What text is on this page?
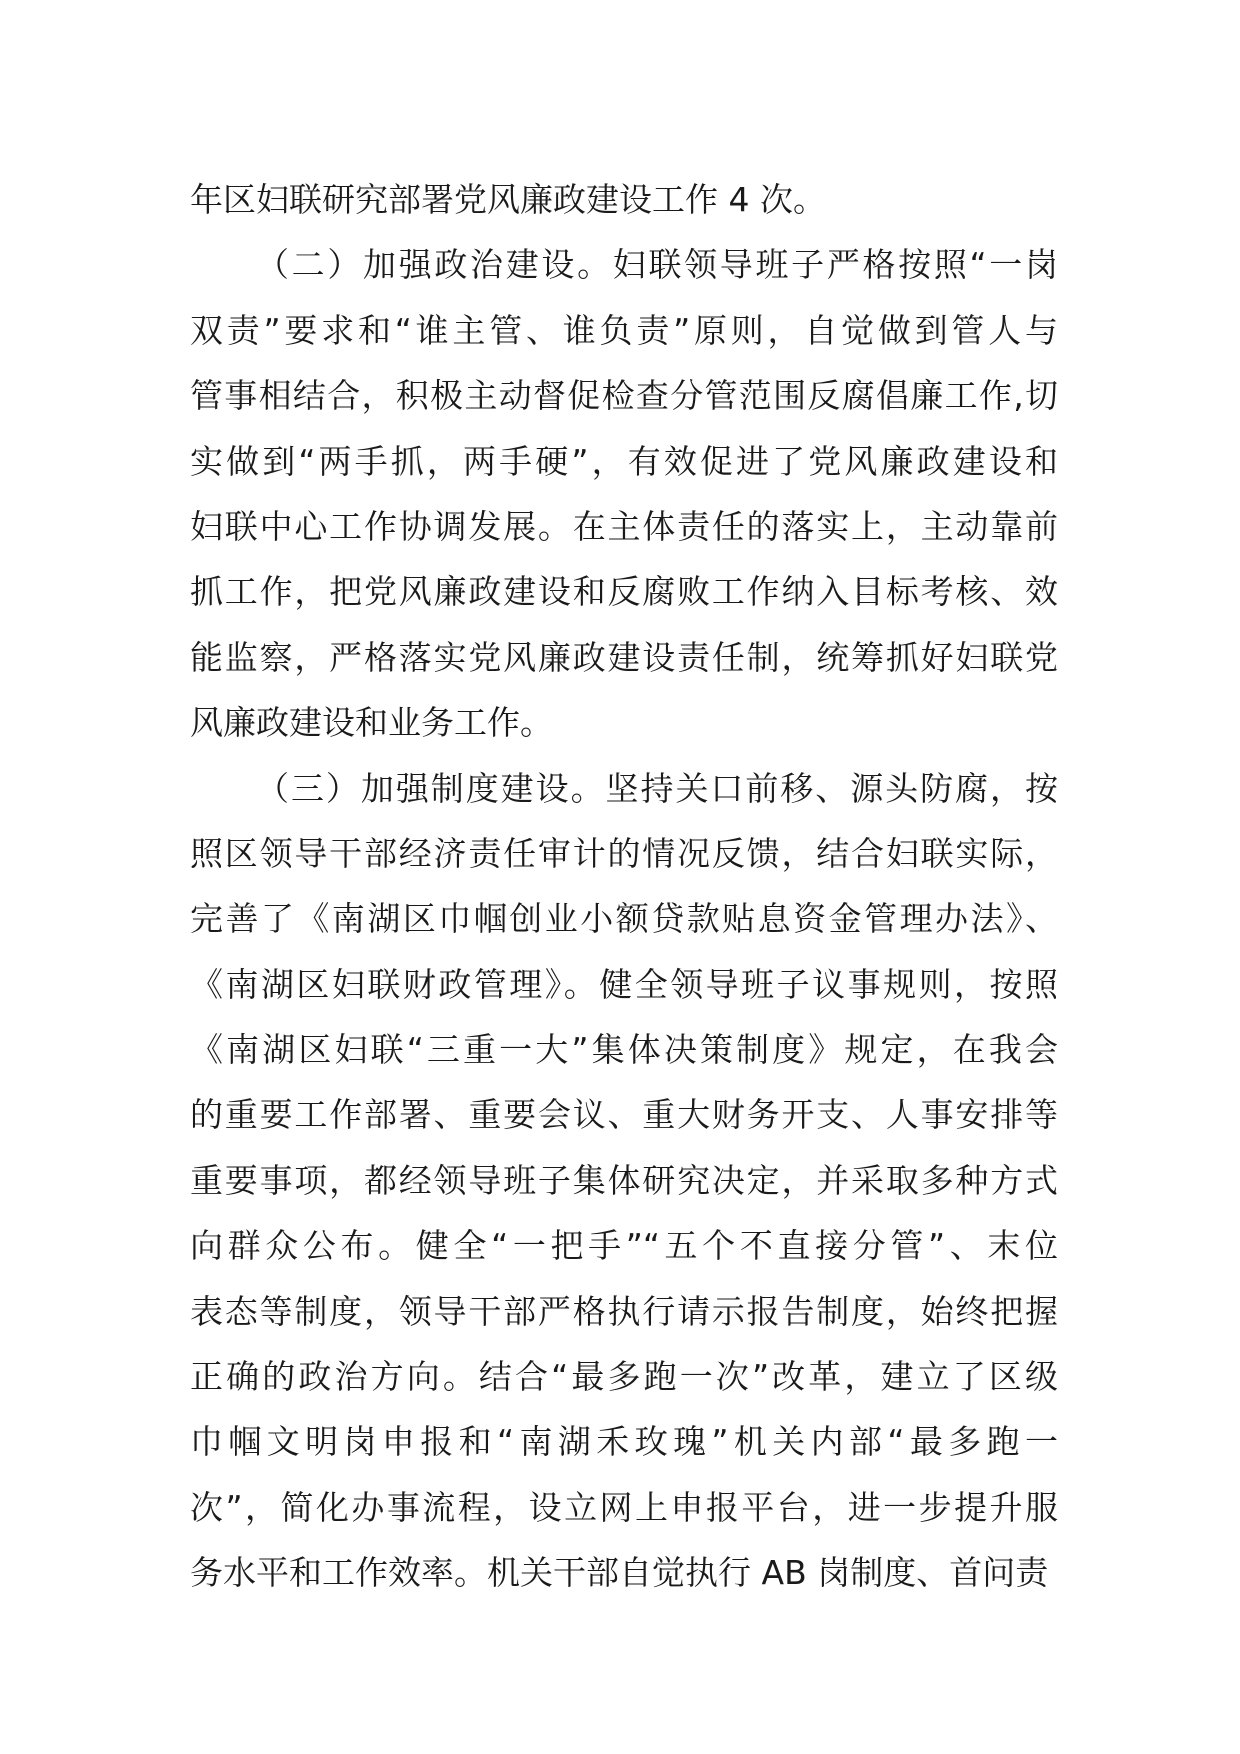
年区妇联研究部署党风廉政建设工作 4 次。
（二）加强政治建设。妇联领导班子严格按照“一岗
双责”要求和“谁主管、谁负责”原则，自觉做到管人与
管事相结合，积极主动督促检查分管范围反腐倡廉工作,切
实做到“两手抓，两手硬”，有效促进了党风廉政建设和
妇联中心工作协调发展。在主体责任的落实上，主动靠前
抓工作，把党风廉政建设和反腐败工作纳入目标考核、效
能监察，严格落实党风廉政建设责任制，统筹抓好妇联党
风廉政建设和业务工作。
（三）加强制度建设。坚持关口前移、源头防腐，按
照区领导干部经济责任审计的情况反馈，结合妇联实际，
完善了《南湖区巾帼创业小额贷款贴息资金管理办法》、
《南湖区妇联财政管理》。健全领导班子议事规则，按照
《南湖区妇联“三重一大”集体决策制度》规定，在我会
的重要工作部署、重要会议、重大财务开支、人事安排等
重要事项，都经领导班子集体研究决定，并采取多种方式
向群众公布。健全“一把手”“五个不直接分管”、末位
表态等制度，领导干部严格执行请示报告制度，始终把握
正确的政治方向。结合“最多跑一次”改革，建立了区级
巾帼文明岗申报和“南湖禾玫瑰”机关内部“最多跑一
次”，简化办事流程，设立网上申报平台，进一步提升服
务水平和工作效率。机关干部自觉执行 AB 岗制度、首问责
